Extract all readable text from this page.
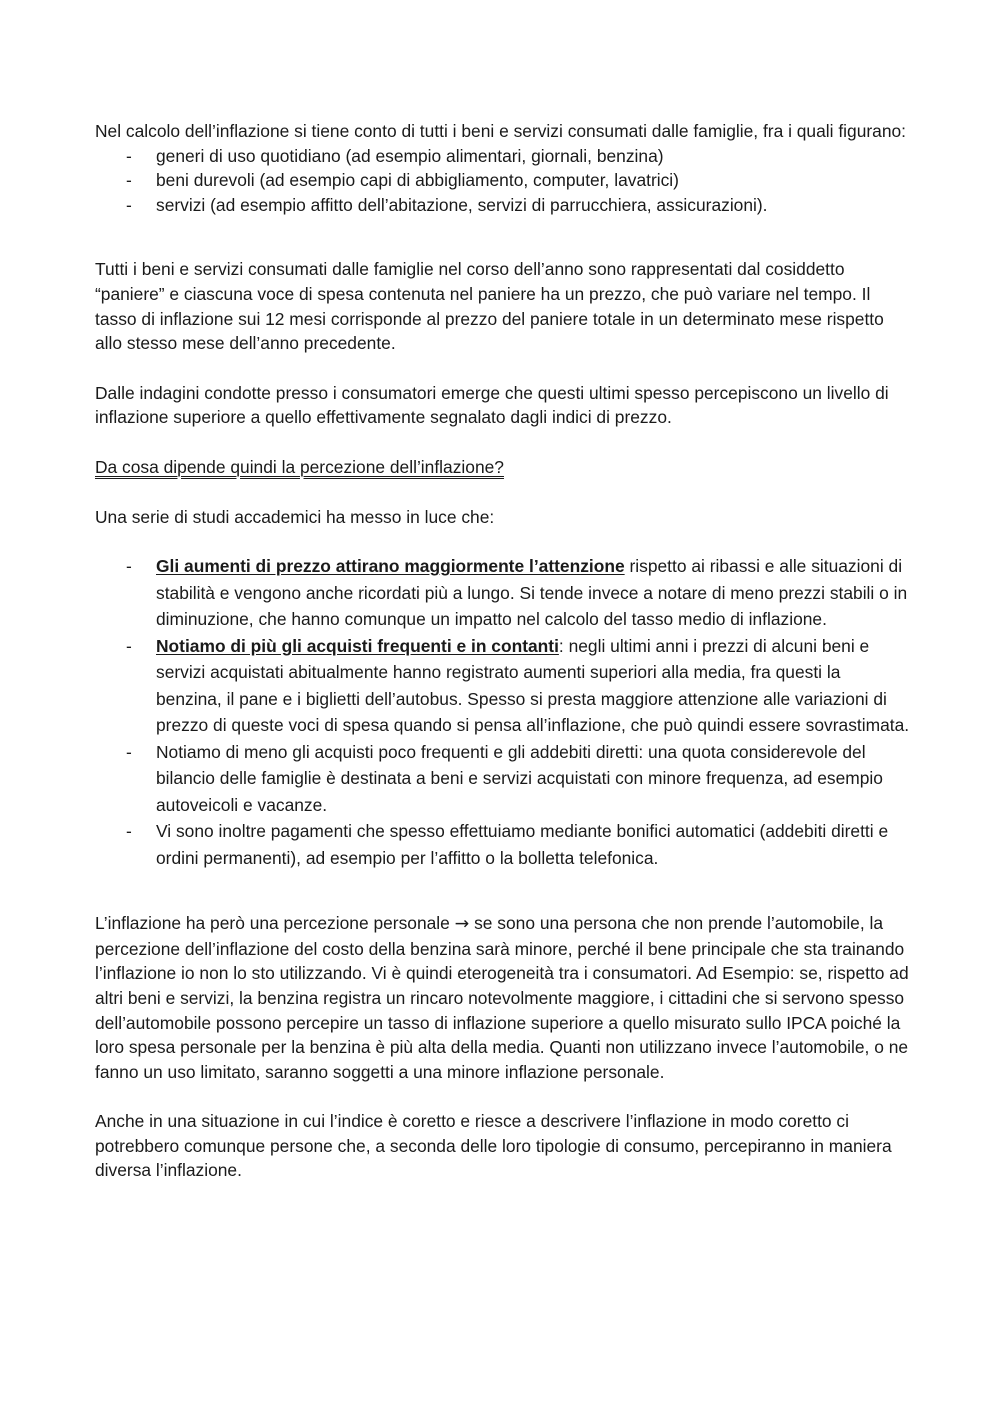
Nel calcolo dell’inflazione si tiene conto di tutti i beni e servizi consumati dalle famiglie, fra i quali figurano:

- generi di uso quotidiano (ad esempio alimentari, giornali, benzina)
- beni durevoli (ad esempio capi di abbigliamento, computer, lavatrici)
- servizi (ad esempio affitto dell’abitazione, servizi di parrucchiera, assicurazioni).

Tutti i beni e servizi consumati dalle famiglie nel corso dell’anno sono rappresentati dal cosiddetto “paniere” e ciascuna voce di spesa contenuta nel paniere ha un prezzo, che può variare nel tempo. Il tasso di inflazione sui 12 mesi corrisponde al prezzo del paniere totale in un determinato mese rispetto allo stesso mese dell’anno precedente.

Dalle indagini condotte presso i consumatori emerge che questi ultimi spesso percepiscono un livello di inflazione superiore a quello effettivamente segnalato dagli indici di prezzo.

Da cosa dipende quindi la percezione dell’inflazione?

Una serie di studi accademici ha messo in luce che:

- Gli aumenti di prezzo attirano maggiormente l’attenzione rispetto ai ribassi e alle situazioni di stabilità e vengono anche ricordati più a lungo. Si tende invece a notare di meno prezzi stabili o in diminuzione, che hanno comunque un impatto nel calcolo del tasso medio di inflazione.
- Notiamo di più gli acquisti frequenti e in contanti: negli ultimi anni i prezzi di alcuni beni e servizi acquistati abitualmente hanno registrato aumenti superiori alla media, fra questi la benzina, il pane e i biglietti dell’autobus. Spesso si presta maggiore attenzione alle variazioni di prezzo di queste voci di spesa quando si pensa all’inflazione, che può quindi essere sovrastimata.
- Notiamo di meno gli acquisti poco frequenti e gli addebiti diretti: una quota considerevole del bilancio delle famiglie è destinata a beni e servizi acquistati con minore frequenza, ad esempio autoveicoli e vacanze.
- Vi sono inoltre pagamenti che spesso effettuiamo mediante bonifici automatici (addebiti diretti e ordini permanenti), ad esempio per l’affitto o la bolletta telefonica.

L’inflazione ha però una percezione personale → se sono una persona che non prende l’automobile, la percezione dell’inflazione del costo della benzina sarà minore, perché il bene principale che sta trainando l’inflazione io non lo sto utilizzando. Vi è quindi eterogeneità tra i consumatori. Ad Esempio: se, rispetto ad altri beni e servizi, la benzina registra un rincaro notevolmente maggiore, i cittadini che si servono spesso dell’automobile possono percepire un tasso di inflazione superiore a quello misurato sullo IPCA poiché la loro spesa personale per la benzina è più alta della media. Quanti non utilizzano invece l’automobile, o ne fanno un uso limitato, saranno soggetti a una minore inflazione personale.

Anche in una situazione in cui l’indice è coretto e riesce a descrivere l’inflazione in modo coretto ci potrebbero comunque persone che, a seconda delle loro tipologie di consumo, percepiranno in maniera diversa l’inflazione.
